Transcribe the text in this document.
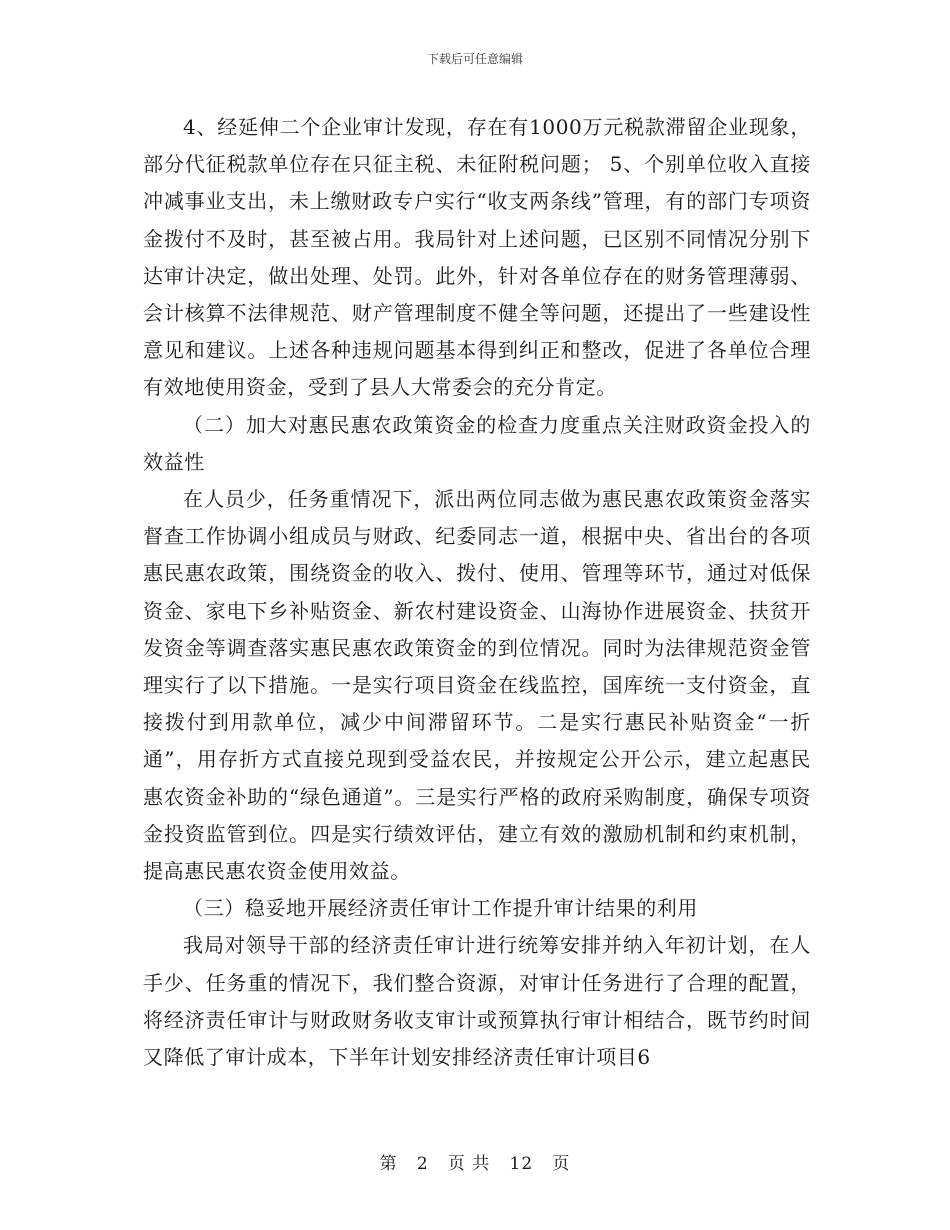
下载后可任意编辑

4、经延伸二个企业审计发现，存在有1000万元税款滞留企业现象，部分代征税款单位存在只征主税、未征附税问题； 5、个别单位收入直接冲减事业支出，未上缴财政专户实行“收支两条线”管理，有的部门专项资金拨付不及时，甚至被占用。我局针对上述问题，已区别不同情况分别下达审计决定，做出处理、处罚。此外，针对各单位存在的财务管理薄弱、会计核算不法律规范、财产管理制度不健全等问题，还提出了一些建设性意见和建议。上述各种违规问题基本得到纠正和整改，促进了各单位合理有效地使用资金，受到了县人大常委会的充分肯定。

（二）加大对惠民惠农政策资金的检查力度重点关注财政资金投入的效益性

在人员少，任务重情况下，派出两位同志做为惠民惠农政策资金落实督查工作协调小组成员与财政、纪委同志一道，根据中央、省出台的各项惠民惠农政策，围绕资金的收入、拨付、使用、管理等环节，通过对低保资金、家电下乡补贴资金、新农村建设资金、山海协作进展资金、扶贫开发资金等调查落实惠民惠农政策资金的到位情况。同时为法律规范资金管理实行了以下措施。一是实行项目资金在线监控，国库统一支付资金，直接拨付到用款单位，减少中间滞留环节。二是实行惠民补贴资金“一折通”，用存折方式直接兑现到受益农民，并按规定公开公示，建立起惠民惠农资金补助的“绿色通道”。三是实行严格的政府采购制度，确保专项资金投资监管到位。四是实行绩效评估，建立有效的激励机制和约束机制，提高惠民惠农资金使用效益。

（三）稳妥地开展经济责任审计工作提升审计结果的利用

我局对领导干部的经济责任审计进行统筹安排并纳入年初计划，在人手少、任务重的情况下，我们整合资源，对审计任务进行了合理的配置，将经济责任审计与财政财务收支审计或预算执行审计相结合，既节约时间又降低了审计成本，下半年计划安排经济责任审计项目6

第 2 页 共 12 页
